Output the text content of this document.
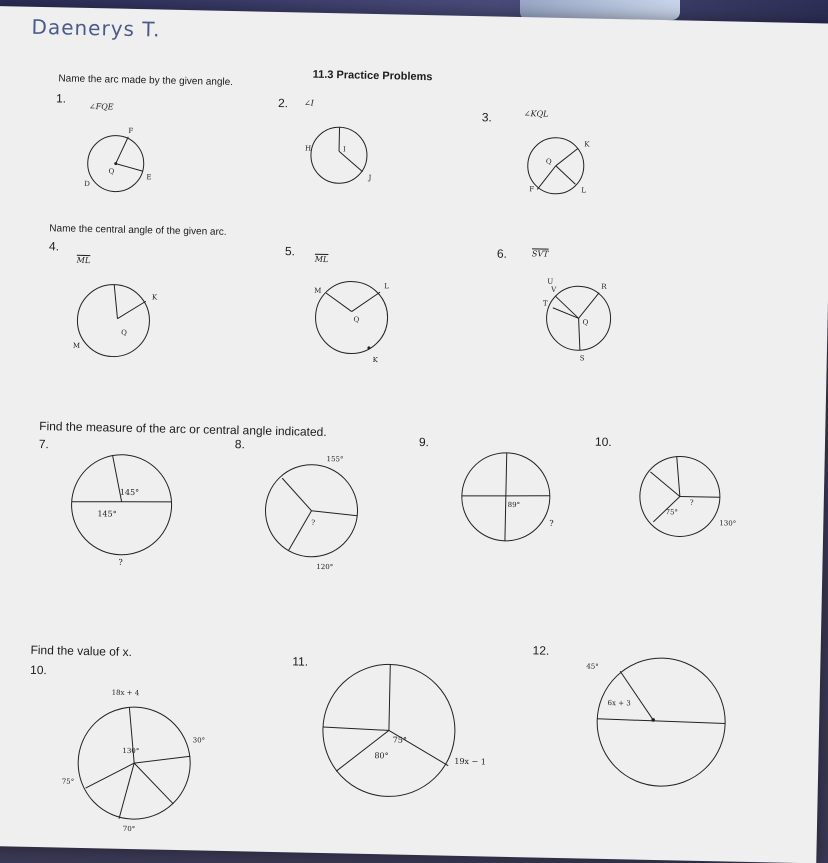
Daenerys T.
11.3 Practice Problems
Name the arc made by the given angle.
1.
∠FQE	2. ∠I
3.	∠KQL
F
Q
E
D
I
H
J
Q
K
L
F
Name the central angle of the given arc.
4.
$\overline{ML}$
5.
$\overline{ML}$	6.	$\overline{SVT}$
K
Q
M
L
M
Q
K
U
V	R
T
Q
S
Find the measure of the arc or central angle indicated.
7.	8.	9.	10.
145°
145°
?
155°
?
120°
89°
?
75°
?
130°
Find the value of x.
10.
11.
12.
18x + 4
130°
30°
75°
70°
75°
80°
19x − 1
45°
6x + 3
